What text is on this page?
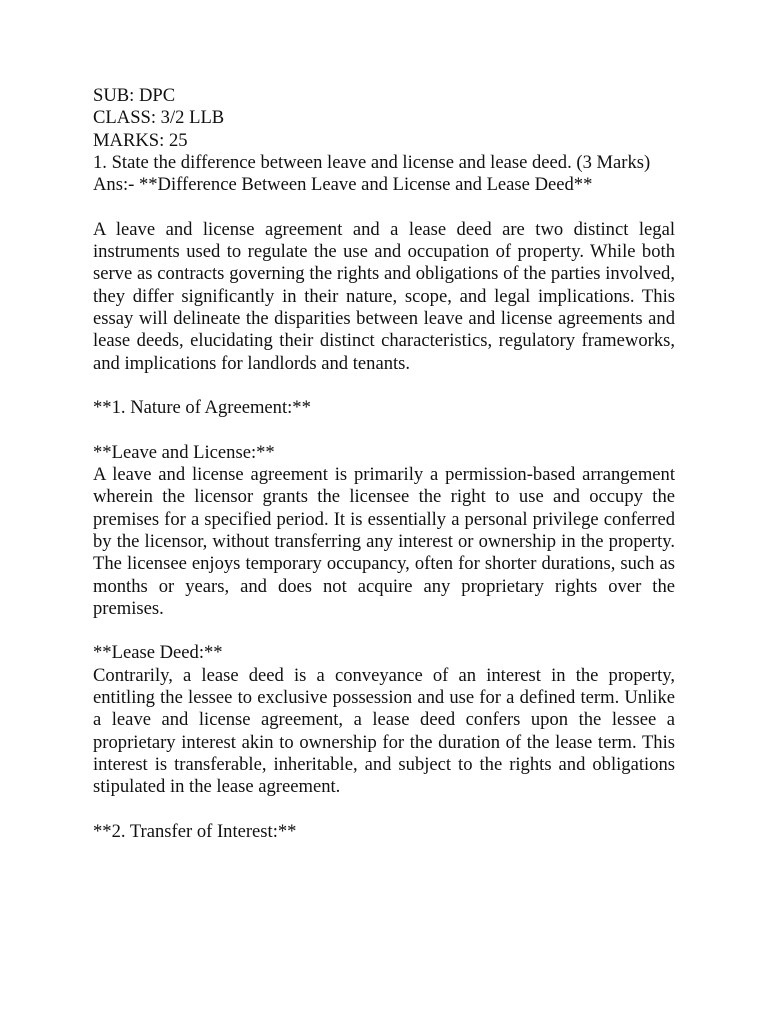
SUB: DPC

CLASS: 3/2 LLB

MARKS: 25

1. State the difference between leave and license and lease deed. (3 Marks)

Ans:- **Difference Between Leave and License and Lease Deed**

A leave and license agreement and a lease deed are two distinct legal instruments used to regulate the use and occupation of property. While both serve as contracts governing the rights and obligations of the parties involved, they differ significantly in their nature, scope, and legal implications. This essay will delineate the disparities between leave and license agreements and lease deeds, elucidating their distinct characteristics, regulatory frameworks, and implications for landlords and tenants.

**1. Nature of Agreement:**

**Leave and License:**

A leave and license agreement is primarily a permission-based arrangement wherein the licensor grants the licensee the right to use and occupy the premises for a specified period. It is essentially a personal privilege conferred by the licensor, without transferring any interest or ownership in the property. The licensee enjoys temporary occupancy, often for shorter durations, such as months or years, and does not acquire any proprietary rights over the premises.

**Lease Deed:**

Contrarily, a lease deed is a conveyance of an interest in the property, entitling the lessee to exclusive possession and use for a defined term. Unlike a leave and license agreement, a lease deed confers upon the lessee a proprietary interest akin to ownership for the duration of the lease term. This interest is transferable, inheritable, and subject to the rights and obligations stipulated in the lease agreement.

**2. Transfer of Interest:**
